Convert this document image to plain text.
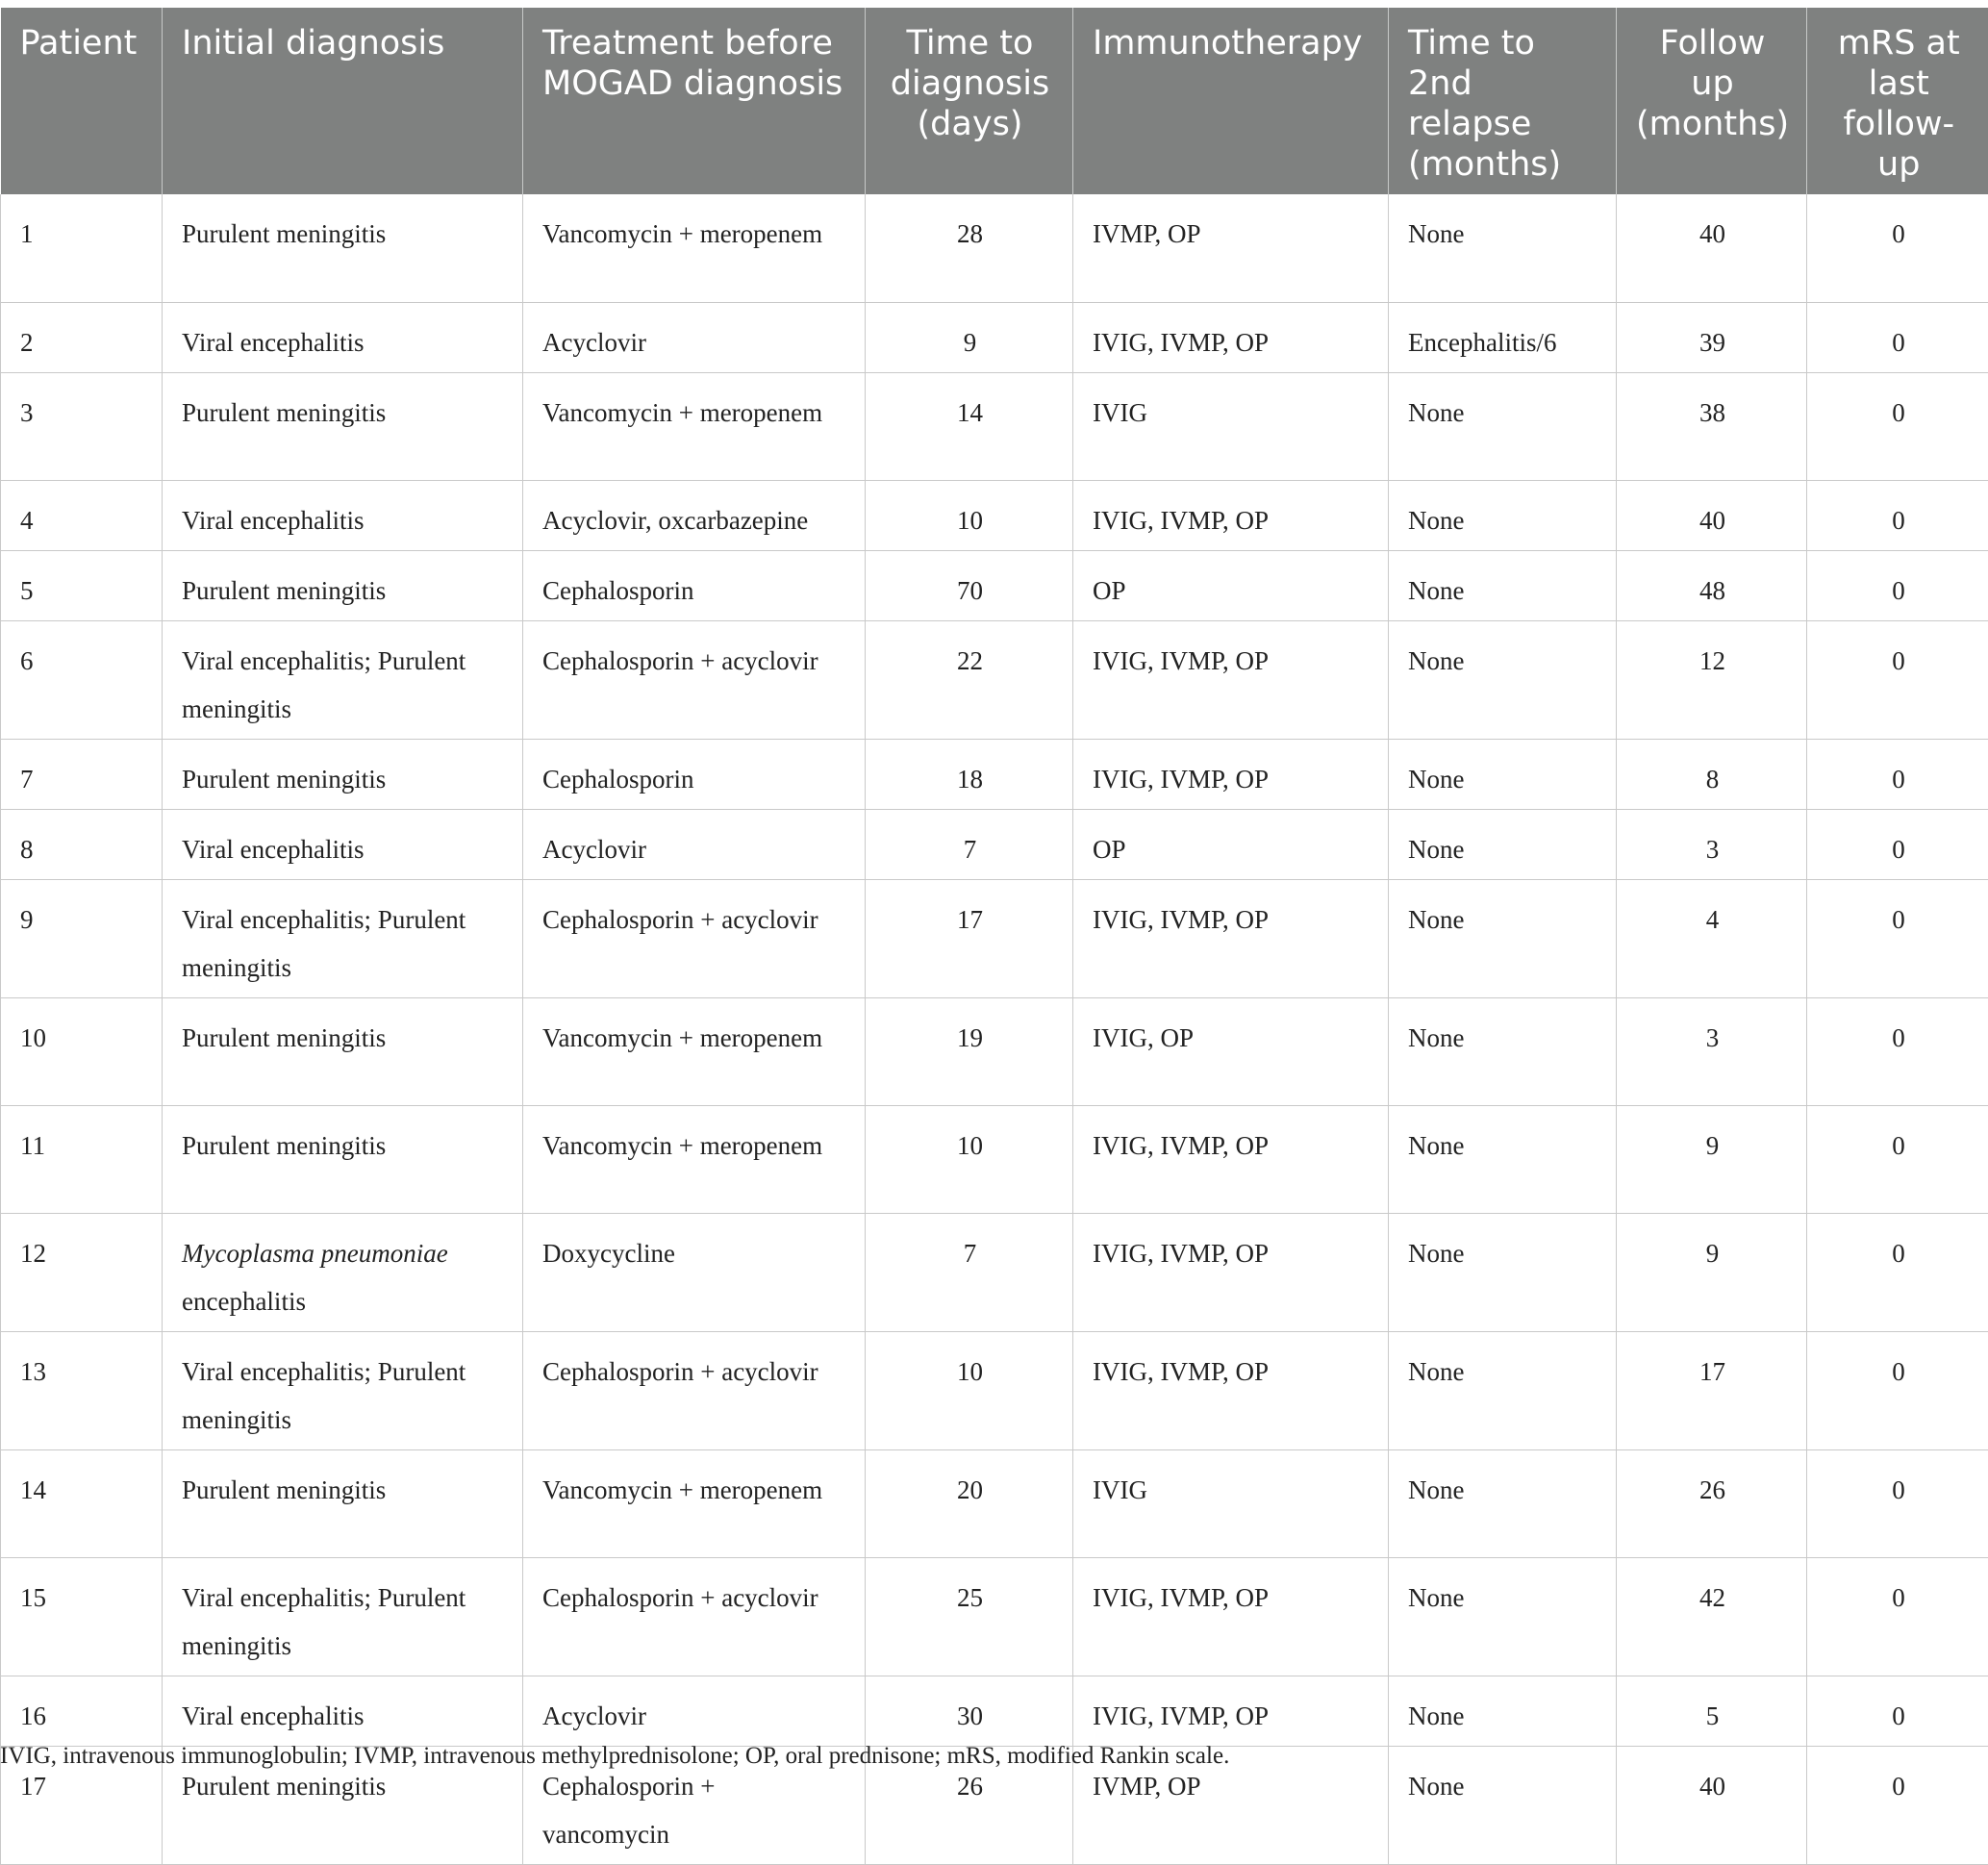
Patient	Initial diagnosis	Treatment before MOGAD diagnosis	Time to diagnosis (days)	Immunotherapy	Time to 2nd relapse (months)	Follow up (months)	mRS at last follow-up
1	Purulent meningitis	Vancomycin + meropenem	28	IVMP, OP	None	40	0
2	Viral encephalitis	Acyclovir	9	IVIG, IVMP, OP	Encephalitis/6	39	0
3	Purulent meningitis	Vancomycin + meropenem	14	IVIG	None	38	0
4	Viral encephalitis	Acyclovir, oxcarbazepine	10	IVIG, IVMP, OP	None	40	0
5	Purulent meningitis	Cephalosporin	70	OP	None	48	0
6	Viral encephalitis; Purulent meningitis	Cephalosporin + acyclovir	22	IVIG, IVMP, OP	None	12	0
7	Purulent meningitis	Cephalosporin	18	IVIG, IVMP, OP	None	8	0
8	Viral encephalitis	Acyclovir	7	OP	None	3	0
9	Viral encephalitis; Purulent meningitis	Cephalosporin + acyclovir	17	IVIG, IVMP, OP	None	4	0
10	Purulent meningitis	Vancomycin + meropenem	19	IVIG, OP	None	3	0
11	Purulent meningitis	Vancomycin + meropenem	10	IVIG, IVMP, OP	None	9	0
12	Mycoplasma pneumoniae encephalitis	Doxycycline	7	IVIG, IVMP, OP	None	9	0
13	Viral encephalitis; Purulent meningitis	Cephalosporin + acyclovir	10	IVIG, IVMP, OP	None	17	0
14	Purulent meningitis	Vancomycin + meropenem	20	IVIG	None	26	0
15	Viral encephalitis; Purulent meningitis	Cephalosporin + acyclovir	25	IVIG, IVMP, OP	None	42	0
16	Viral encephalitis	Acyclovir	30	IVIG, IVMP, OP	None	5	0
17	Purulent meningitis	Cephalosporin + vancomycin	26	IVMP, OP	None	40	0
IVIG, intravenous immunoglobulin; IVMP, intravenous methylprednisolone; OP, oral prednisone; mRS, modified Rankin scale.
